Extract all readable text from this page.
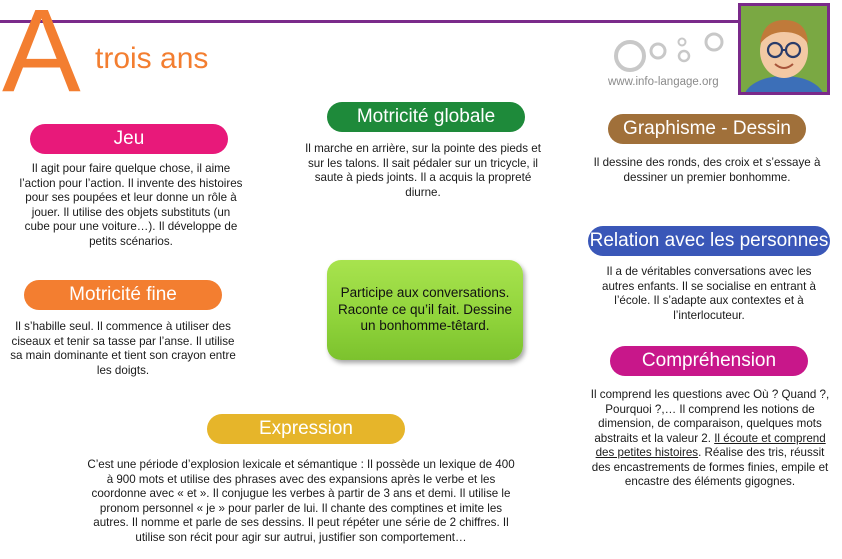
A trois ans
www.info-langage.org
Jeu
Il agit pour faire quelque chose, il aime l’action pour l’action. Il invente des histoires pour ses poupées et leur donne un rôle à jouer. Il utilise des objets substituts (un cube pour une voiture…). Il développe de petits scénarios.
Motricité globale
Il marche en arrière, sur la pointe des pieds et sur les talons. Il sait pédaler sur un tricycle, il saute à pieds joints. Il a acquis la propreté diurne.
Graphisme - Dessin
Il dessine des ronds, des croix et s’essaye à dessiner un premier bonhomme.
Relation avec les personnes
Il a de véritables conversations avec les autres enfants. Il se socialise en entrant à l’école. Il s’adapte aux contextes et à l’interlocuteur.
Motricité fine
Il s’habille seul. Il commence à utiliser des ciseaux et tenir sa tasse par l’anse. Il utilise sa main dominante et tient son crayon entre les doigts.
Participe aux conversations. Raconte ce qu’il fait. Dessine un bonhomme-têtard.
Compréhension
Il comprend les questions avec Où ? Quand ?, Pourquoi ?,… Il comprend les notions de dimension, de comparaison, quelques mots abstraits et la valeur 2. Il écoute et comprend des petites histoires. Réalise des tris, réussit des encastrements de formes finies, empile et encastre des éléments gigognes.
Expression
C’est une période d’explosion lexicale et sémantique : Il possède un lexique de 400 à 900 mots et utilise des phrases avec des expansions après le verbe et les coordonne avec « et ». Il conjugue les verbes à partir de 3 ans et demi. Il utilise le pronom personnel « je » pour parler de lui. Il chante des comptines et imite les autres. Il nomme et parle de ses dessins. Il peut répéter une série de 2 chiffres. Il utilise son récit pour agir sur autrui, justifier son comportement…
